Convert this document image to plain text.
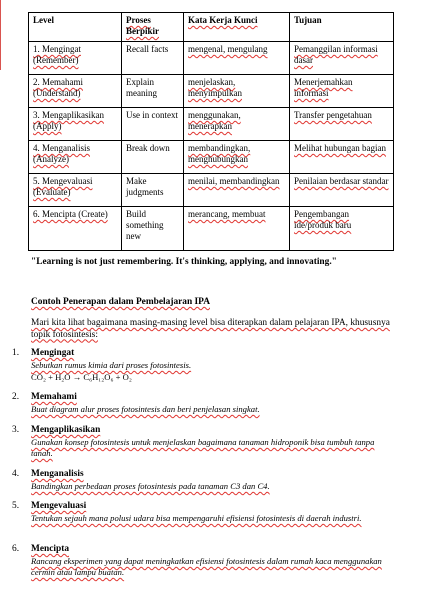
Level	Proses Berpikir	Kata Kerja Kunci	Tujuan
1. Mengingat (Remember)	Recall facts	mengenal, mengulang	Pemanggilan informasi dasar
2. Memahami (Understand)	Explain meaning	menjelaskan, menyimpulkan	Menerjemahkan informasi
3. Mengaplikasikan (Apply)	Use in context	menggunakan, menerapkan	Transfer pengetahuan
4. Menganalisis (Analyze)	Break down	membandingkan, menghubungkan	Melihat hubungan bagian
5. Mengevaluasi (Evaluate)	Make judgments	menilai, membandingkan	Penilaian berdasar standar
6. Mencipta (Create)	Build something new	merancang, membuat	Pengembangan ide/produk baru
"Learning is not just remembering. It's thinking, applying, and innovating."
Contoh Penerapan dalam Pembelajaran IPA
Mari kita lihat bagaimana masing-masing level bisa diterapkan dalam pelajaran IPA, khususnya topik fotosintesis:
1. Mengingat
Sebutkan rumus kimia dari proses fotosintesis.
CO₂ + H₂O → C₆H₁₂O₆ + O₂
2. Memahami
Buat diagram alur proses fotosintesis dan beri penjelasan singkat.
3. Mengaplikasikan
Gunakan konsep fotosintesis untuk menjelaskan bagaimana tanaman hidroponik bisa tumbuh tanpa tanah.
4. Menganalisis
Bandingkan perbedaan proses fotosintesis pada tanaman C3 dan C4.
5. Mengevaluasi
Tentukan sejauh mana polusi udara bisa mempengaruhi efisiensi fotosintesis di daerah industri.
6. Mencipta
Rancang eksperimen yang dapat meningkatkan efisiensi fotosintesis dalam rumah kaca menggunakan cermin atau lampu buatan.
